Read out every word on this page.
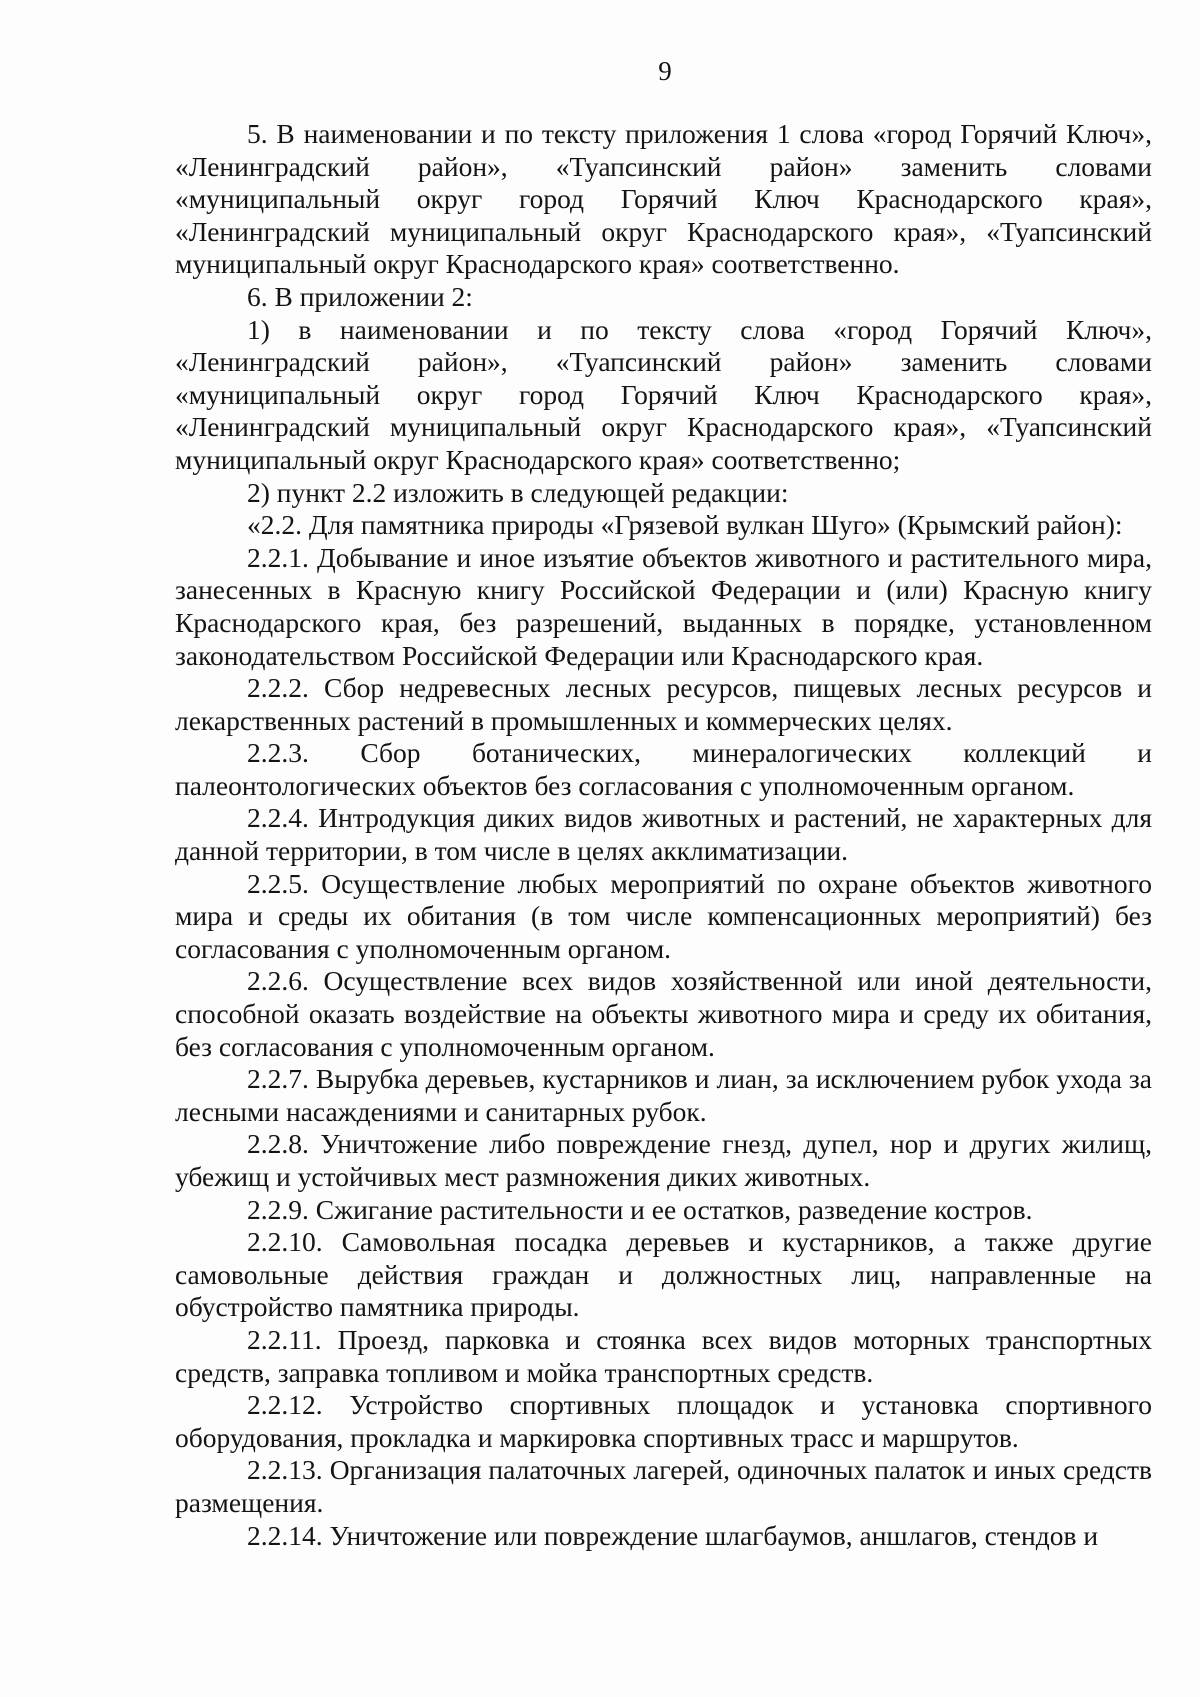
9

5. В наименовании и по тексту приложения 1 слова «город Горячий Ключ», «Ленинградский район», «Туапсинский район» заменить словами «муниципальный округ город Горячий Ключ Краснодарского края», «Ленинградский муниципальный округ Краснодарского края», «Туапсинский муниципальный округ Краснодарского края» соответственно.

6. В приложении 2:

1) в наименовании и по тексту слова «город Горячий Ключ», «Ленинградский район», «Туапсинский район» заменить словами «муниципальный округ город Горячий Ключ Краснодарского края», «Ленинградский муниципальный округ Краснодарского края», «Туапсинский муниципальный округ Краснодарского края» соответственно;

2) пункт 2.2 изложить в следующей редакции:

«2.2. Для памятника природы «Грязевой вулкан Шуго» (Крымский район):

2.2.1. Добывание и иное изъятие объектов животного и растительного мира, занесенных в Красную книгу Российской Федерации и (или) Красную книгу Краснодарского края, без разрешений, выданных в порядке, установленном законодательством Российской Федерации или Краснодарского края.

2.2.2. Сбор недревесных лесных ресурсов, пищевых лесных ресурсов и лекарственных растений в промышленных и коммерческих целях.

2.2.3. Сбор ботанических, минералогических коллекций и палеонтологических объектов без согласования с уполномоченным органом.

2.2.4. Интродукция диких видов животных и растений, не характерных для данной территории, в том числе в целях акклиматизации.

2.2.5. Осуществление любых мероприятий по охране объектов животного мира и среды их обитания (в том числе компенсационных мероприятий) без согласования с уполномоченным органом.

2.2.6. Осуществление всех видов хозяйственной или иной деятельности, способной оказать воздействие на объекты животного мира и среду их обитания, без согласования с уполномоченным органом.

2.2.7. Вырубка деревьев, кустарников и лиан, за исключением рубок ухода за лесными насаждениями и санитарных рубок.

2.2.8. Уничтожение либо повреждение гнезд, дупел, нор и других жилищ, убежищ и устойчивых мест размножения диких животных.

2.2.9. Сжигание растительности и ее остатков, разведение костров.

2.2.10. Самовольная посадка деревьев и кустарников, а также другие самовольные действия граждан и должностных лиц, направленные на обустройство памятника природы.

2.2.11. Проезд, парковка и стоянка всех видов моторных транспортных средств, заправка топливом и мойка транспортных средств.

2.2.12. Устройство спортивных площадок и установка спортивного оборудования, прокладка и маркировка спортивных трасс и маршрутов.

2.2.13. Организация палаточных лагерей, одиночных палаток и иных средств размещения.

2.2.14. Уничтожение или повреждение шлагбаумов, аншлагов, стендов и
